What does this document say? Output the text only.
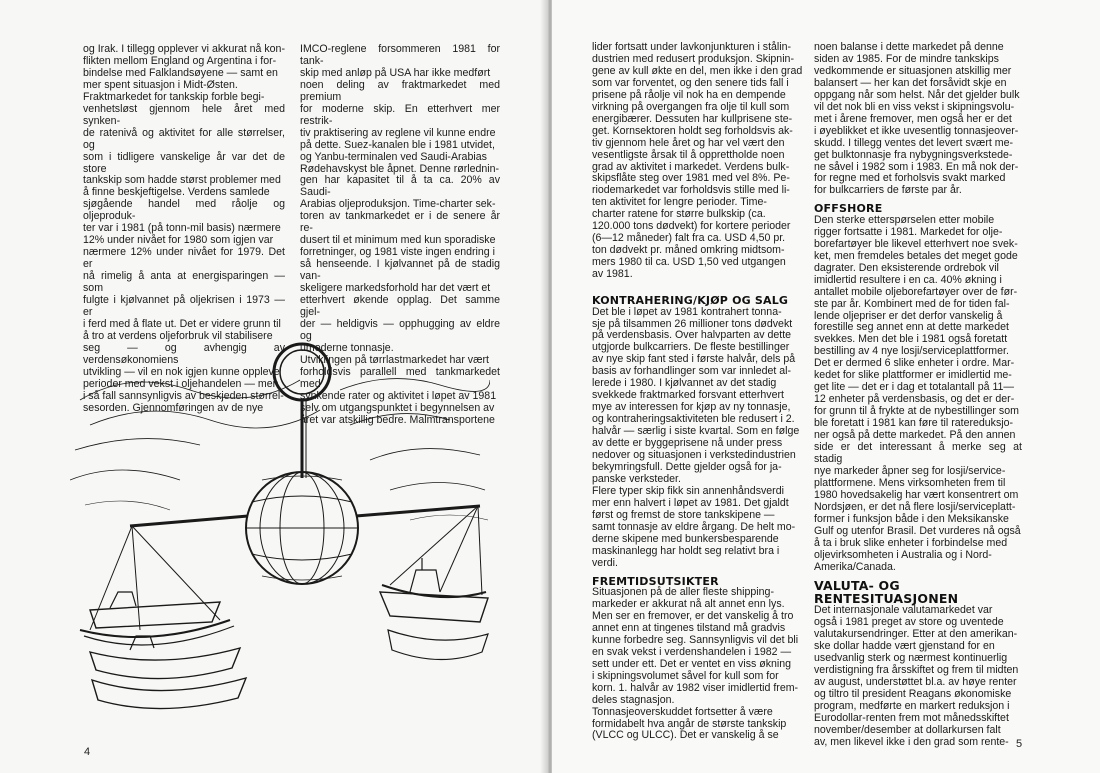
og Irak. I tillegg opplever vi akkurat nå kon-
flikten mellom England og Argentina i for-
bindelse med Falklandsøyene — samt en
mer spent situasjon i Midt-Østen.
Fraktmarkedet for tankskip forble begi-
venhetsløst gjennom hele året med synken-
de ratenivå og aktivitet for alle størrelser, og
som i tidligere vanskelige år var det de store
tankskip som hadde størst problemer med
å finne beskjeftigelse. Verdens samlede
sjøgående handel med råolje og oljeproduk-
ter var i 1981 (på tonn-mil basis) nærmere
12% under nivået for 1980 som igjen var
nærmere 12% under nivået for 1979. Det er
nå rimelig å anta at energisparingen — som
fulgte i kjølvannet på oljekrisen i 1973 — er
i ferd med å flate ut. Det er videre grunn til
å tro at verdens oljeforbruk vil stabilisere
seg — og avhengig av verdensøkonomiens
utvikling — vil en nok igjen kunne oppleve
perioder med vekst i oljehandelen — men
i så fall sannsynligvis av beskjeden størrel-
sesorden. Gjennomføringen av de nye

IMCO-reglene forsommeren 1981 for tank-
skip med anløp på USA har ikke medført
noen deling av fraktmarkedet med premium
for moderne skip. En etterhvert mer restrik-
tiv praktisering av reglene vil kunne endre
på dette. Suez-kanalen ble i 1981 utvidet,
og Yanbu-terminalen ved Saudi-Arabias
Rødehavskyst ble åpnet. Denne rørlednin-
gen har kapasitet til å ta ca. 20% av Saudi-
Arabias oljeproduksjon. Time-charter sek-
toren av tankmarkedet er i de senere år re-
dusert til et minimum med kun sporadiske
forretninger, og 1981 viste ingen endring i
så henseende. I kjølvannet på de stadig van-
skeligere markedsforhold har det vært et
etterhvert økende opplag. Det samme gjel-
der — heldigvis — opphugging av eldre og
umoderne tonnasje.
Utviklingen på tørrlastmarkedet har vært
forholdsvis parallell med tankmarkedet med
synkende rater og aktivitet i løpet av 1981
selv om utgangspunktet i begynnelsen av
året var atskillig bedre. Malmtransportene

4

lider fortsatt under lavkonjunkturen i stålin-
dustrien med redusert produksjon. Skipnin-
gene av kull økte en del, men ikke i den grad
som var forventet, og den senere tids fall i
prisene på råolje vil nok ha en dempende
virkning på overgangen fra olje til kull som
energibærer. Dessuten har kullprisene ste-
get. Kornsektoren holdt seg forholdsvis ak-
tiv gjennom hele året og har vel vært den
vesentligste årsak til å opprettholde noen
grad av aktivitet i markedet. Verdens bulk-
skipsflåte steg over 1981 med vel 8%. Pe-
riodemarkedet var forholdsvis stille med li-
ten aktivitet for lengre perioder. Time-
charter ratene for større bulkskip (ca.
120.000 tons dødvekt) for kortere perioder
(6—12 måneder) falt fra ca. USD 4,50 pr.
ton dødvekt pr. måned omkring midtsom-
mers 1980 til ca. USD 1,50 ved utgangen
av 1981.

KONTRAHERING/KJØP OG SALG

Det ble i løpet av 1981 kontrahert tonna-
sje på tilsammen 26 millioner tons dødvekt
på verdensbasis. Over halvparten av dette
utgjorde bulkcarriers. De fleste bestillinger
av nye skip fant sted i første halvår, dels på
basis av forhandlinger som var innledet al-
lerede i 1980. I kjølvannet av det stadig
svekkede fraktmarked forsvant etterhvert
mye av interessen for kjøp av ny tonnasje,
og kontraheringsaktiviteten ble redusert i 2.
halvår — særlig i siste kvartal. Som en følge
av dette er byggeprisene nå under press
nedover og situasjonen i verkstedindustrien
bekymringsfull. Dette gjelder også for ja-
panske verksteder.
Flere typer skip fikk sin annenhåndsverdi
mer enn halvert i løpet av 1981. Det gjaldt
først og fremst de store tankskipene —
samt tonnasje av eldre årgang. De helt mo-
derne skipene med bunkersbesparende
maskinanlegg har holdt seg relativt bra i
verdi.

FREMTIDSUTSIKTER

Situasjonen på de aller fleste shipping-
markeder er akkurat nå alt annet enn lys.
Men ser en fremover, er det vanskelig å tro
annet enn at tingenes tilstand må gradvis
kunne forbedre seg. Sannsynligvis vil det bli
en svak vekst i verdenshandelen i 1982 —
sett under ett. Det er ventet en viss økning
i skipningsvolumet såvel for kull som for
korn. 1. halvår av 1982 viser imidlertid frem-
deles stagnasjon.
Tonnasjeoverskuddet fortsetter å være
formidabelt hva angår de største tankskip
(VLCC og ULCC). Det er vanskelig å se

noen balanse i dette markedet på denne
siden av 1985. For de mindre tankskips
vedkommende er situasjonen atskillig mer
balansert — her kan det forsåvidt skje en
oppgang når som helst. Når det gjelder bulk
vil det nok bli en viss vekst i skipningsvolu-
met i årene fremover, men også her er det
i øyeblikket et ikke uvesentlig tonnasjeover-
skudd. I tillegg ventes det levert svært me-
get bulktonnasje fra nybygningsverkstede-
ne såvel i 1982 som i 1983. En må nok der-
for regne med et forholsvis svakt marked
for bulkcarriers de første par år.

OFFSHORE

Den sterke etterspørselen etter mobile
rigger fortsatte i 1981. Markedet for olje-
borefartøyer ble likevel etterhvert noe svek-
ket, men fremdeles betales det meget gode
dagrater. Den eksisterende ordrebok vil
imidlertid resultere i en ca. 40% økning i
antallet mobile oljeborefartøyer over de før-
ste par år. Kombinert med de for tiden fal-
lende oljepriser er det derfor vanskelig å
forestille seg annet enn at dette markedet
svekkes. Men det ble i 1981 også foretatt
bestilling av 4 nye losji/serviceplattformer.
Det er dermed 6 slike enheter i ordre. Mar-
kedet for slike plattformer er imidlertid me-
get lite — det er i dag et totalantall på 11—
12 enheter på verdensbasis, og det er der-
for grunn til å frykte at de nybestillinger som
ble foretatt i 1981 kan føre til ratereduksjo-
ner også på dette markedet. På den annen
side er det interessant å merke seg at stadig
nye markeder åpner seg for losji/service-
plattformene. Mens virksomheten frem til
1980 hovedsakelig har vært konsentrert om
Nordsjøen, er det nå flere losji/serviceplatt-
former i funksjon både i den Meksikanske
Gulf og utenfor Brasil. Det vurderes nå også
å ta i bruk slike enheter i forbindelse med
oljevirksomheten i Australia og i Nord-
Amerika/Canada.

VALUTA- OG
RENTESITUASJONEN

Det internasjonale valutamarkedet var
også i 1981 preget av store og uventede
valutakursendringer. Etter at den amerikan-
ske dollar hadde vært gjenstand for en
usedvanlig sterk og nærmest kontinuerlig
verdistigning fra årsskiftet og frem til midten
av august, understøttet bl.a. av høye renter
og tiltro til president Reagans økonomiske
program, medførte en markert reduksjon i
Eurodollar-renten frem mot månedsskiftet
november/desember at dollarkursen falt
av, men likevel ikke i den grad som rente- 5
